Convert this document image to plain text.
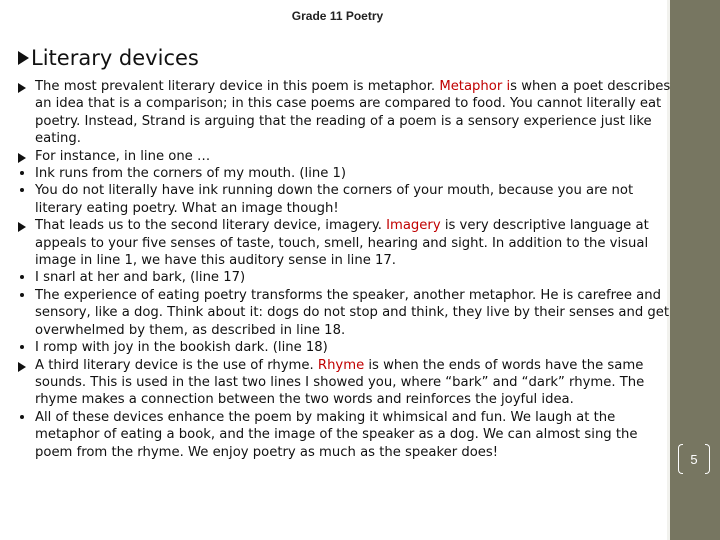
Grade 11 Poetry
Literary devices
The most prevalent literary device in this poem is metaphor. Metaphor is when a poet describes an idea that is a comparison; in this case poems are compared to food. You cannot literally eat poetry. Instead, Strand is arguing that the reading of a poem is a sensory experience just like eating.
For instance, in line one …
Ink runs from the corners of my mouth. (line 1)
You do not literally have ink running down the corners of your mouth, because you are not literary eating poetry. What an image though!
That leads us to the second literary device, imagery. Imagery is very descriptive language at appeals to your five senses of taste, touch, smell, hearing and sight. In addition to the visual image in line 1, we have this auditory sense in line 17.
I snarl at her and bark, (line 17)
The experience of eating poetry transforms the speaker, another metaphor. He is carefree and sensory, like a dog. Think about it: dogs do not stop and think, they live by their senses and get overwhelmed by them, as described in line 18.
I romp with joy in the bookish dark. (line 18)
A third literary device is the use of rhyme. Rhyme is when the ends of words have the same sounds. This is used in the last two lines I showed you, where “bark” and “dark” rhyme. The rhyme makes a connection between the two words and reinforces the joyful idea.
All of these devices enhance the poem by making it whimsical and fun. We laugh at the metaphor of eating a book, and the image of the speaker as a dog. We can almost sing the poem from the rhyme. We enjoy poetry as much as the speaker does!	5
